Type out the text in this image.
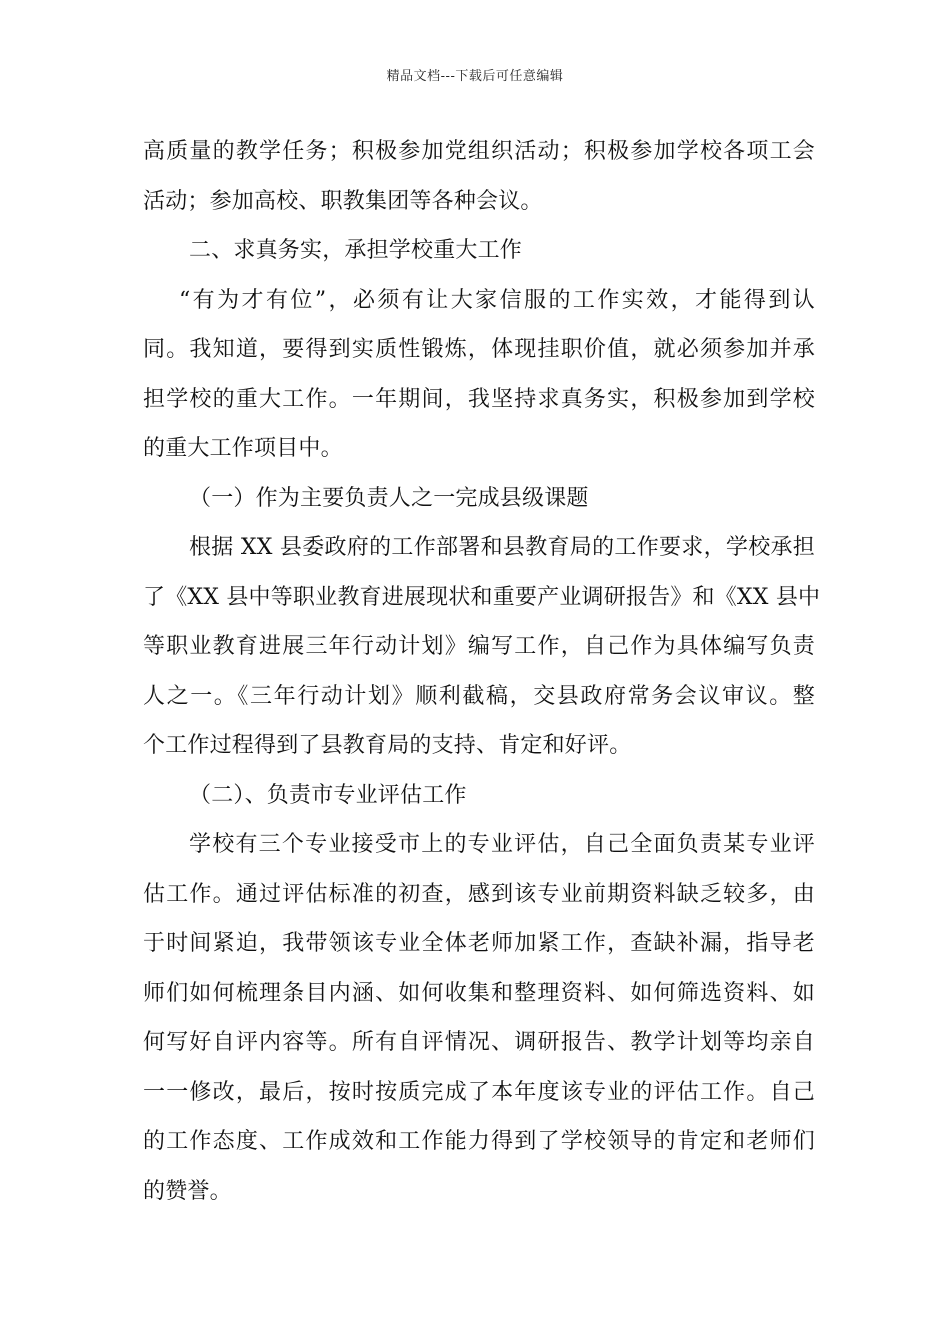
精品文档---下载后可任意编辑
高质量的教学任务；积极参加党组织活动；积极参加学校各项工会
活动；参加高校、职教集团等各种会议。
二、求真务实，承担学校重大工作
“有为才有位”，必须有让大家信服的工作实效，才能得到认
同。我知道，要得到实质性锻炼，体现挂职价值，就必须参加并承
担学校的重大工作。一年期间，我坚持求真务实，积极参加到学校
的重大工作项目中。
（一）作为主要负责人之一完成县级课题
根据 XX 县委政府的工作部署和县教育局的工作要求，学校承担
了《XX 县中等职业教育进展现状和重要产业调研报告》和《XX 县中
等职业教育进展三年行动计划》编写工作，自己作为具体编写负责
人之一。《三年行动计划》顺利截稿，交县政府常务会议审议。整
个工作过程得到了县教育局的支持、肯定和好评。
（二）、负责市专业评估工作
学校有三个专业接受市上的专业评估，自己全面负责某专业评
估工作。通过评估标准的初查，感到该专业前期资料缺乏较多，由
于时间紧迫，我带领该专业全体老师加紧工作，查缺补漏，指导老
师们如何梳理条目内涵、如何收集和整理资料、如何筛选资料、如
何写好自评内容等。所有自评情况、调研报告、教学计划等均亲自
一一修改，最后，按时按质完成了本年度该专业的评估工作。自己
的工作态度、工作成效和工作能力得到了学校领导的肯定和老师们
的赞誉。
